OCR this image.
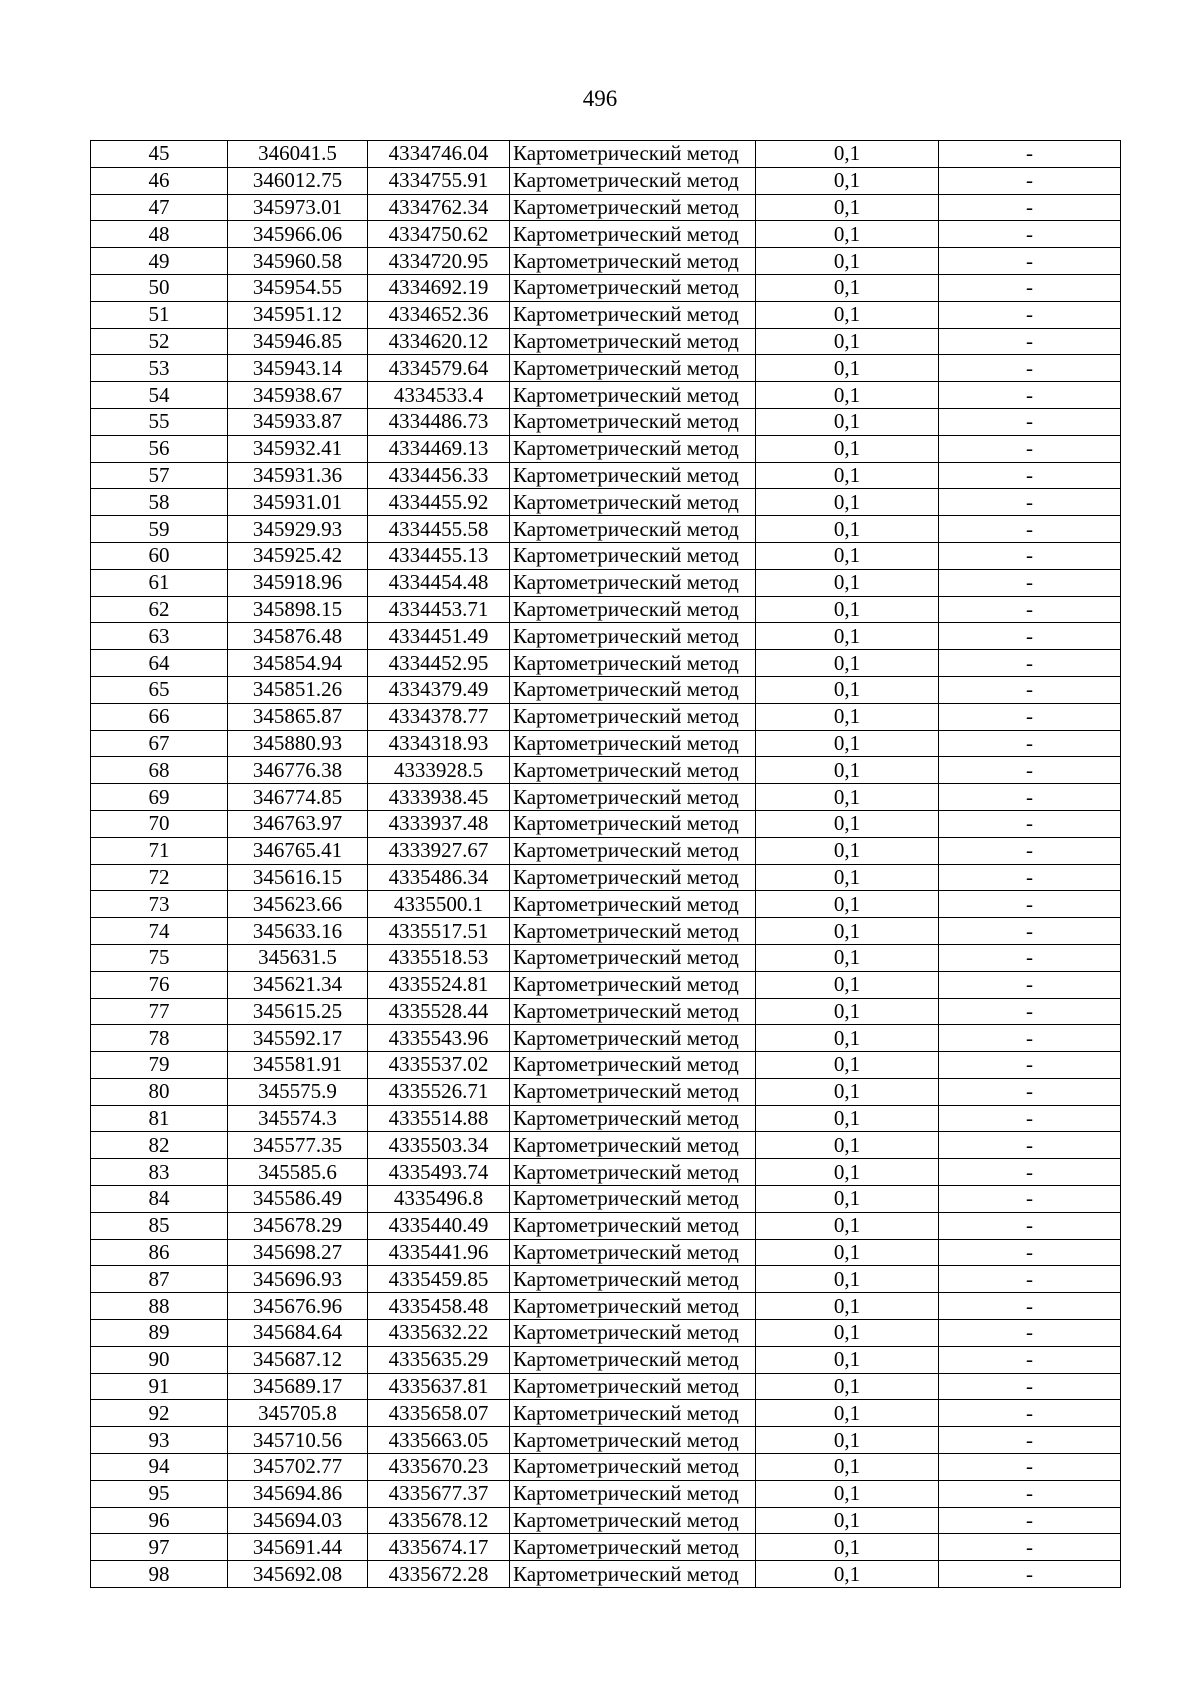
496
45	346041.5	4334746.04	Картометрический метод	0,1	-
46	346012.75	4334755.91	Картометрический метод	0,1	-
47	345973.01	4334762.34	Картометрический метод	0,1	-
48	345966.06	4334750.62	Картометрический метод	0,1	-
49	345960.58	4334720.95	Картометрический метод	0,1	-
50	345954.55	4334692.19	Картометрический метод	0,1	-
51	345951.12	4334652.36	Картометрический метод	0,1	-
52	345946.85	4334620.12	Картометрический метод	0,1	-
53	345943.14	4334579.64	Картометрический метод	0,1	-
54	345938.67	4334533.4	Картометрический метод	0,1	-
55	345933.87	4334486.73	Картометрический метод	0,1	-
56	345932.41	4334469.13	Картометрический метод	0,1	-
57	345931.36	4334456.33	Картометрический метод	0,1	-
58	345931.01	4334455.92	Картометрический метод	0,1	-
59	345929.93	4334455.58	Картометрический метод	0,1	-
60	345925.42	4334455.13	Картометрический метод	0,1	-
61	345918.96	4334454.48	Картометрический метод	0,1	-
62	345898.15	4334453.71	Картометрический метод	0,1	-
63	345876.48	4334451.49	Картометрический метод	0,1	-
64	345854.94	4334452.95	Картометрический метод	0,1	-
65	345851.26	4334379.49	Картометрический метод	0,1	-
66	345865.87	4334378.77	Картометрический метод	0,1	-
67	345880.93	4334318.93	Картометрический метод	0,1	-
68	346776.38	4333928.5	Картометрический метод	0,1	-
69	346774.85	4333938.45	Картометрический метод	0,1	-
70	346763.97	4333937.48	Картометрический метод	0,1	-
71	346765.41	4333927.67	Картометрический метод	0,1	-
72	345616.15	4335486.34	Картометрический метод	0,1	-
73	345623.66	4335500.1	Картометрический метод	0,1	-
74	345633.16	4335517.51	Картометрический метод	0,1	-
75	345631.5	4335518.53	Картометрический метод	0,1	-
76	345621.34	4335524.81	Картометрический метод	0,1	-
77	345615.25	4335528.44	Картометрический метод	0,1	-
78	345592.17	4335543.96	Картометрический метод	0,1	-
79	345581.91	4335537.02	Картометрический метод	0,1	-
80	345575.9	4335526.71	Картометрический метод	0,1	-
81	345574.3	4335514.88	Картометрический метод	0,1	-
82	345577.35	4335503.34	Картометрический метод	0,1	-
83	345585.6	4335493.74	Картометрический метод	0,1	-
84	345586.49	4335496.8	Картометрический метод	0,1	-
85	345678.29	4335440.49	Картометрический метод	0,1	-
86	345698.27	4335441.96	Картометрический метод	0,1	-
87	345696.93	4335459.85	Картометрический метод	0,1	-
88	345676.96	4335458.48	Картометрический метод	0,1	-
89	345684.64	4335632.22	Картометрический метод	0,1	-
90	345687.12	4335635.29	Картометрический метод	0,1	-
91	345689.17	4335637.81	Картометрический метод	0,1	-
92	345705.8	4335658.07	Картометрический метод	0,1	-
93	345710.56	4335663.05	Картометрический метод	0,1	-
94	345702.77	4335670.23	Картометрический метод	0,1	-
95	345694.86	4335677.37	Картометрический метод	0,1	-
96	345694.03	4335678.12	Картометрический метод	0,1	-
97	345691.44	4335674.17	Картометрический метод	0,1	-
98	345692.08	4335672.28	Картометрический метод	0,1	-
